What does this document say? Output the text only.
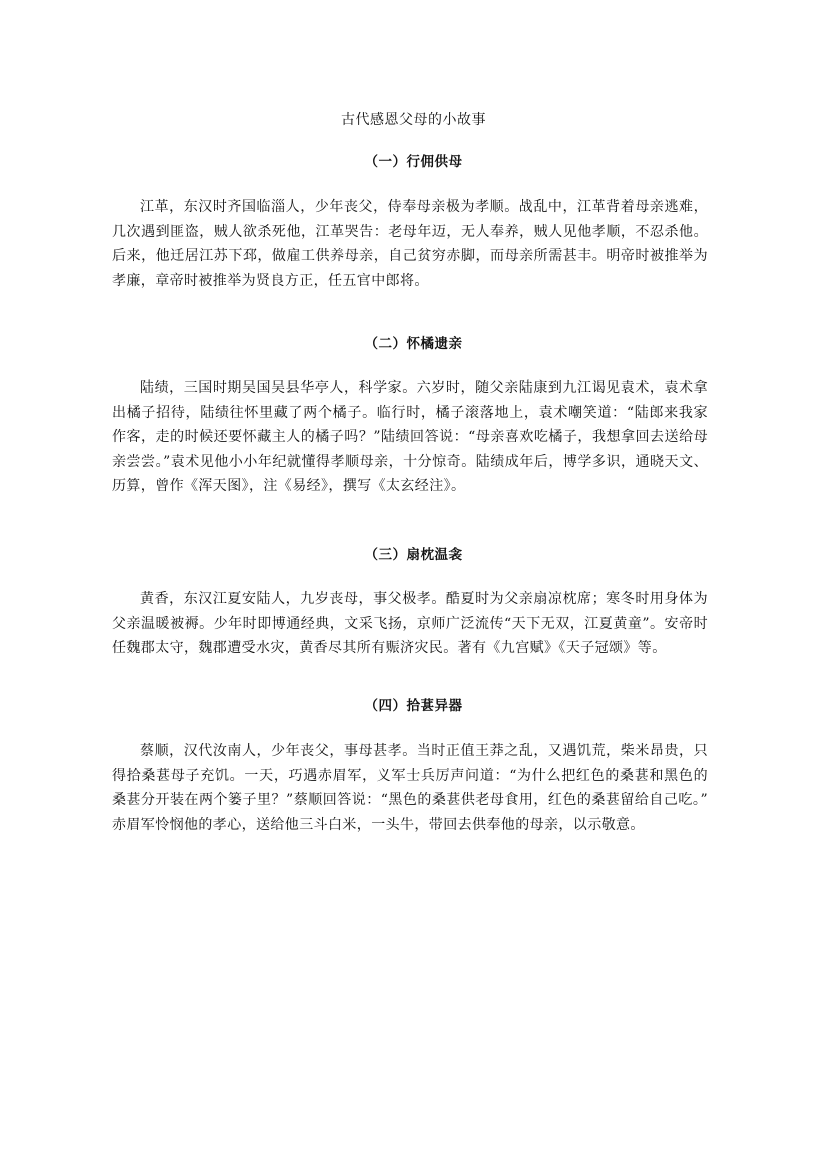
古代感恩父母的小故事
（一）行佣供母

江革，东汉时齐国临淄人，少年丧父，侍奉母亲极为孝顺。战乱中，江革背着母亲逃难，几次遇到匪盗，贼人欲杀死他，江革哭告：老母年迈，无人奉养，贼人见他孝顺，不忍杀他。后来，他迁居江苏下邳，做雇工供养母亲，自己贫穷赤脚，而母亲所需甚丰。明帝时被推举为孝廉，章帝时被推举为贤良方正，任五官中郎将。

（二）怀橘遗亲

陆绩，三国时期吴国吴县华亭人，科学家。六岁时，随父亲陆康到九江谒见袁术，袁术拿出橘子招待，陆绩往怀里藏了两个橘子。临行时，橘子滚落地上，袁术嘲笑道：“陆郎来我家作客，走的时候还要怀藏主人的橘子吗？”陆绩回答说：“母亲喜欢吃橘子，我想拿回去送给母亲尝尝。”袁术见他小小年纪就懂得孝顺母亲，十分惊奇。陆绩成年后，博学多识，通晓天文、历算，曾作《浑天图》，注《易经》，撰写《太玄经注》。

（三）扇枕温衾

黄香，东汉江夏安陆人，九岁丧母，事父极孝。酷夏时为父亲扇凉枕席；寒冬时用身体为父亲温暖被褥。少年时即博通经典，文采飞扬，京师广泛流传“天下无双，江夏黄童”。安帝时任魏郡太守，魏郡遭受水灾，黄香尽其所有赈济灾民。著有《九宫赋》《天子冠颂》等。

（四）拾葚异器

蔡顺，汉代汝南人，少年丧父，事母甚孝。当时正值王莽之乱，又遇饥荒，柴米昂贵，只得拾桑葚母子充饥。一天，巧遇赤眉军，义军士兵厉声问道：“为什么把红色的桑葚和黑色的桑葚分开装在两个篓子里？”蔡顺回答说：“黑色的桑葚供老母食用，红色的桑葚留给自己吃。” 赤眉军怜悯他的孝心，送给他三斗白米，一头牛，带回去供奉他的母亲，以示敬意。
